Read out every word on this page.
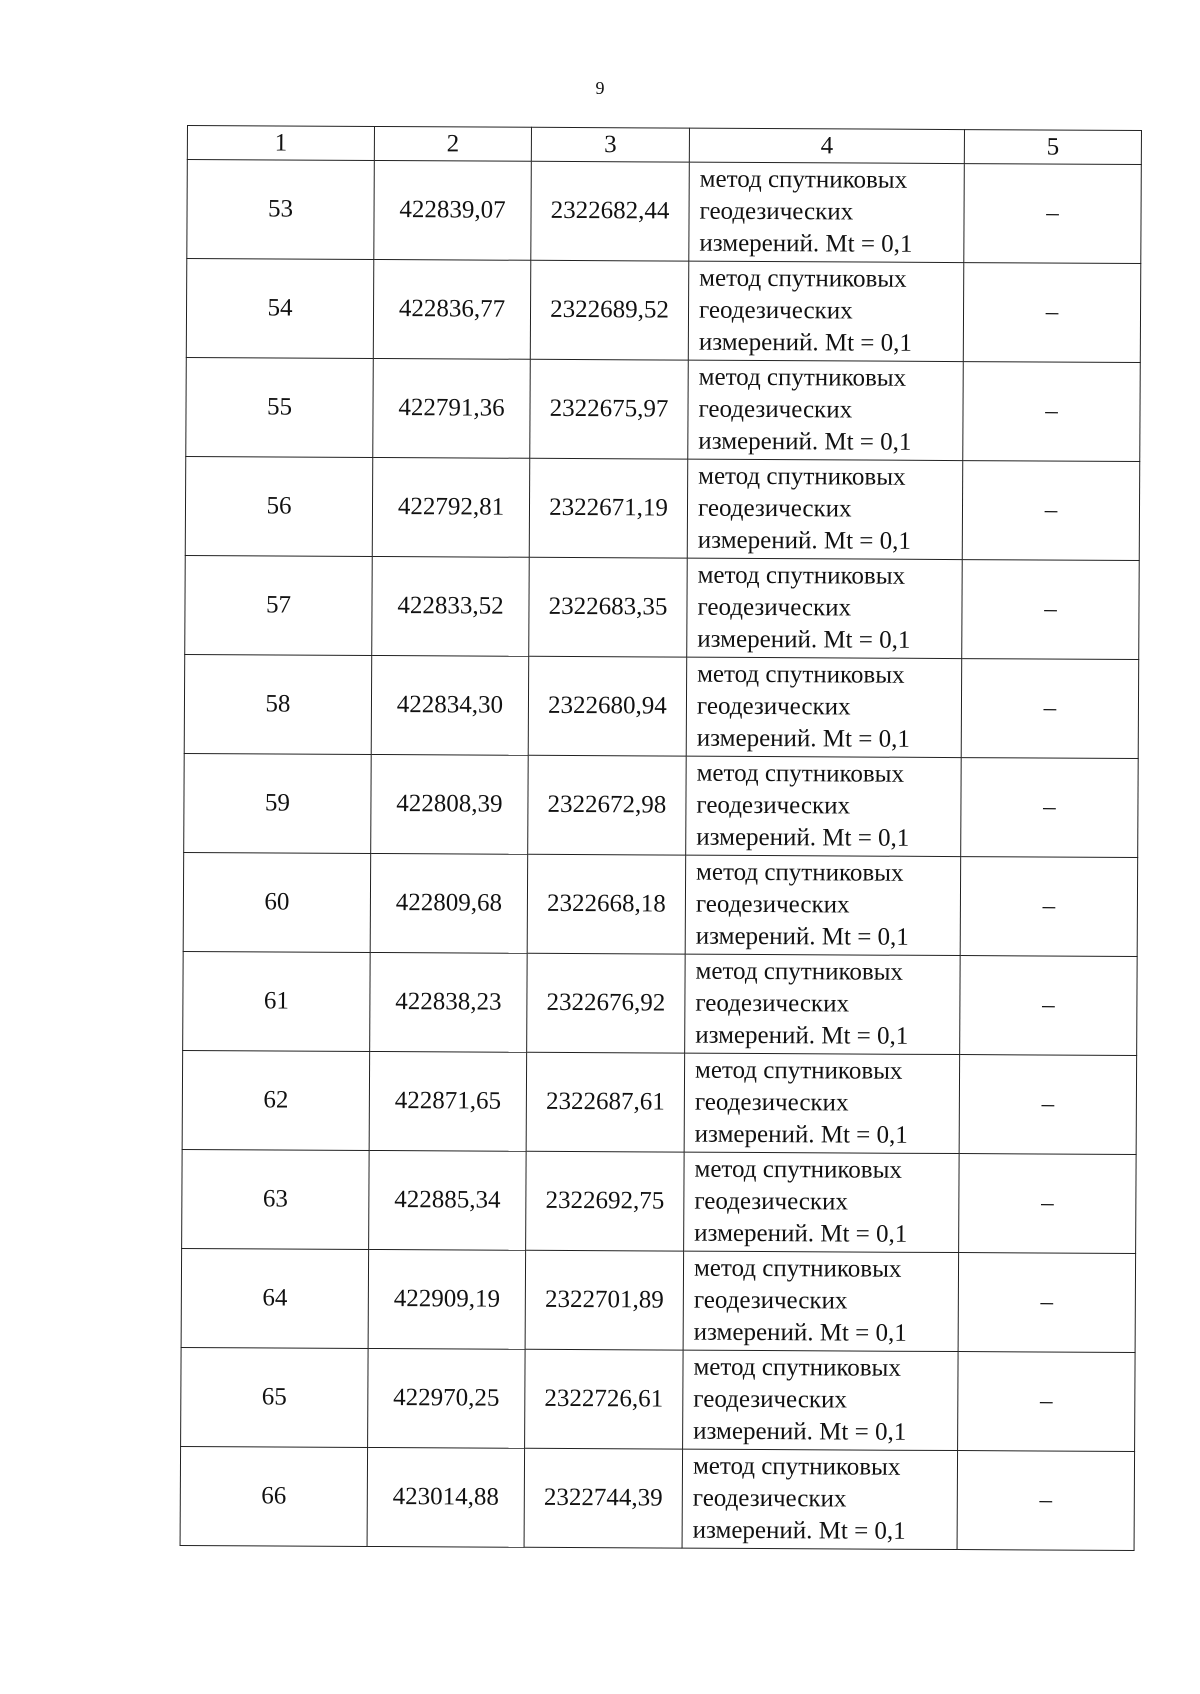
9
1	2	3	4	5
53	422839,07	2322682,44	метод спутниковых
геодезических
измерений. Mt = 0,1	–
54	422836,77	2322689,52	метод спутниковых
геодезических
измерений. Mt = 0,1	–
55	422791,36	2322675,97	метод спутниковых
геодезических
измерений. Mt = 0,1	–
56	422792,81	2322671,19	метод спутниковых
геодезических
измерений. Mt = 0,1	–
57	422833,52	2322683,35	метод спутниковых
геодезических
измерений. Mt = 0,1	–
58	422834,30	2322680,94	метод спутниковых
геодезических
измерений. Mt = 0,1	–
59	422808,39	2322672,98	метод спутниковых
геодезических
измерений. Mt = 0,1	–
60	422809,68	2322668,18	метод спутниковых
геодезических
измерений. Mt = 0,1	–
61	422838,23	2322676,92	метод спутниковых
геодезических
измерений. Mt = 0,1	–
62	422871,65	2322687,61	метод спутниковых
геодезических
измерений. Mt = 0,1	–
63	422885,34	2322692,75	метод спутниковых
геодезических
измерений. Mt = 0,1	–
64	422909,19	2322701,89	метод спутниковых
геодезических
измерений. Mt = 0,1	–
65	422970,25	2322726,61	метод спутниковых
геодезических
измерений. Mt = 0,1	–
66	423014,88	2322744,39	метод спутниковых
геодезических
измерений. Mt = 0,1	–
